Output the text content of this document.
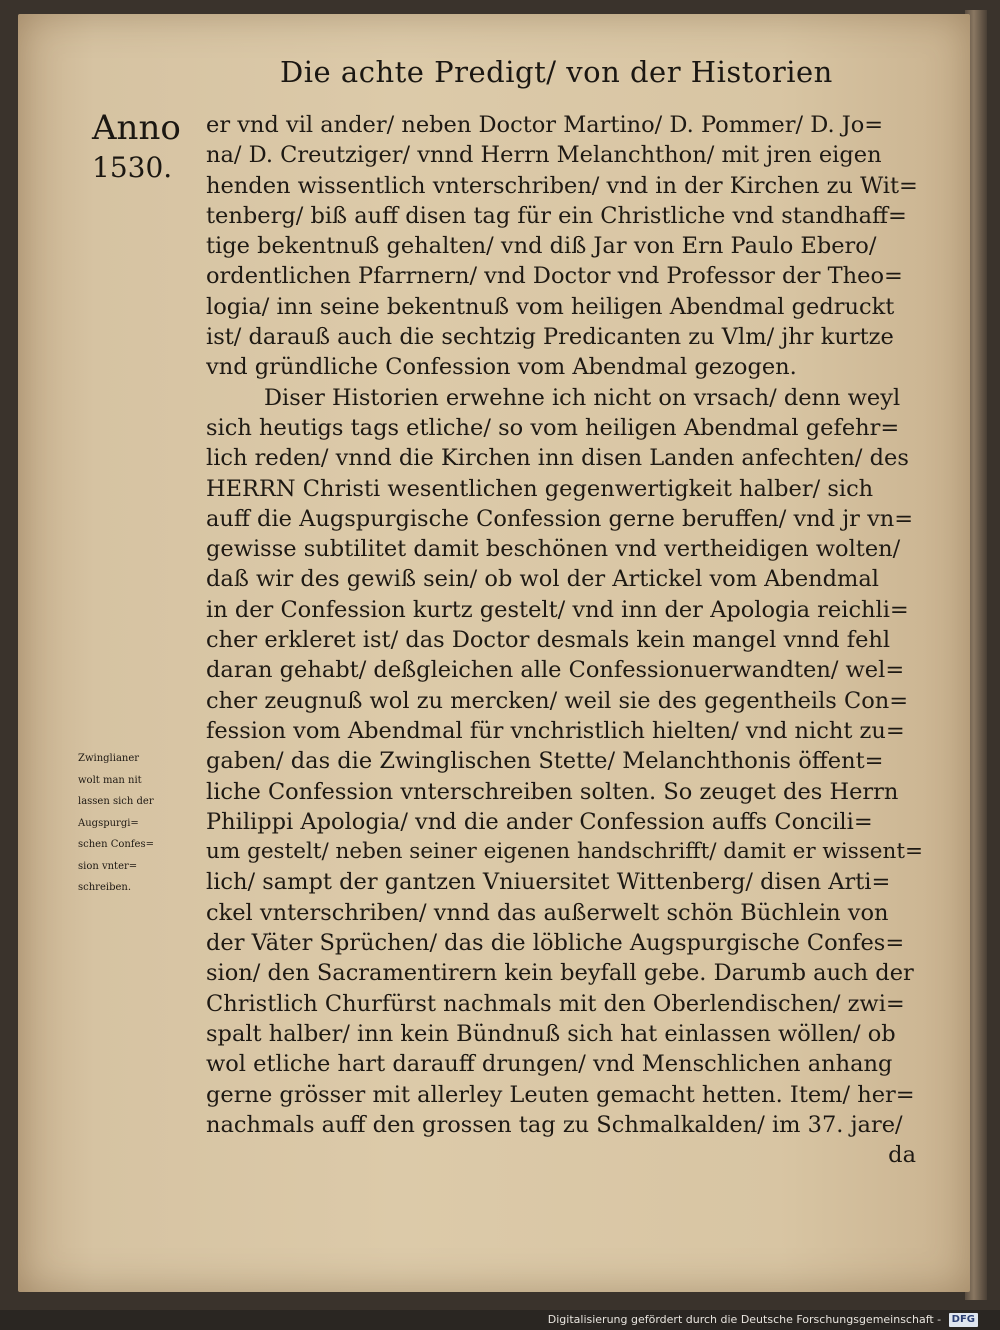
Die achte Predigt/ von der Historien
Anno
1530.
er vnd vil ander/ neben Doctor Martino/ D. Pommer/ D. Jo=
na/ D. Creutziger/ vnnd Herrn Melanchthon/ mit jren eigen
henden wissentlich vnterschriben/ vnd in der Kirchen zu Wit=
tenberg/ biß auff disen tag für ein Christliche vnd standhaff=
tige bekentnuß gehalten/ vnd diß Jar von Ern Paulo Ebero/
ordentlichen Pfarrnern/ vnd Doctor vnd Professor der Theo=
logia/ inn seine bekentnuß vom heiligen Abendmal gedruckt
ist/ darauß auch die sechtzig Predicanten zu Vlm/ jhr kurtze
vnd gründliche Confession vom Abendmal gezogen.
Diser Historien erwehne ich nicht on vrsach/ denn weyl
sich heutigs tags etliche/ so vom heiligen Abendmal gefehr=
lich reden/ vnnd die Kirchen inn disen Landen anfechten/ des
HERRN Christi wesentlichen gegenwertigkeit halber/ sich
auff die Augspurgische Confession gerne beruffen/ vnd jr vn=
gewisse subtilitet damit beschönen vnd vertheidigen wolten/
daß wir des gewiß sein/ ob wol der Artickel vom Abendmal
in der Confession kurtz gestelt/ vnd inn der Apologia reichli=
cher erkleret ist/ das Doctor desmals kein mangel vnnd fehl
daran gehabt/ deßgleichen alle Confessionuerwandten/ wel=
cher zeugnuß wol zu mercken/ weil sie des gegentheils Con=
fession vom Abendmal für vnchristlich hielten/ vnd nicht zu=
gaben/ das die Zwinglischen Stette/ Melanchthonis öffent=
liche Confession vnterschreiben solten. So zeuget des Herrn
Philippi Apologia/ vnd die ander Confession auffs Concili=
um gestelt/ neben seiner eigenen handschrifft/ damit er wissent=
lich/ sampt der gantzen Vniuersitet Wittenberg/ disen Arti=
ckel vnterschriben/ vnnd das außerwelt schön Büchlein von
der Väter Sprüchen/ das die löbliche Augspurgische Confes=
sion/ den Sacramentirern kein beyfall gebe. Darumb auch der
Christlich Churfürst nachmals mit den Oberlendischen/ zwi=
spalt halber/ inn kein Bündnuß sich hat einlassen wöllen/ ob
wol etliche hart darauff drungen/ vnd Menschlichen anhang
gerne grösser mit allerley Leuten gemacht hetten. Item/ her=
nachmals auff den grossen tag zu Schmalkalden/ im 37. jare/
da
Zwinglianer
wolt man nit
lassen sich der
Augspurgi=
schen Confes=
sion vnter=
schreiben.
Digitalisierung gefördert durch die Deutsche Forschungsgemeinschaft - DFG
